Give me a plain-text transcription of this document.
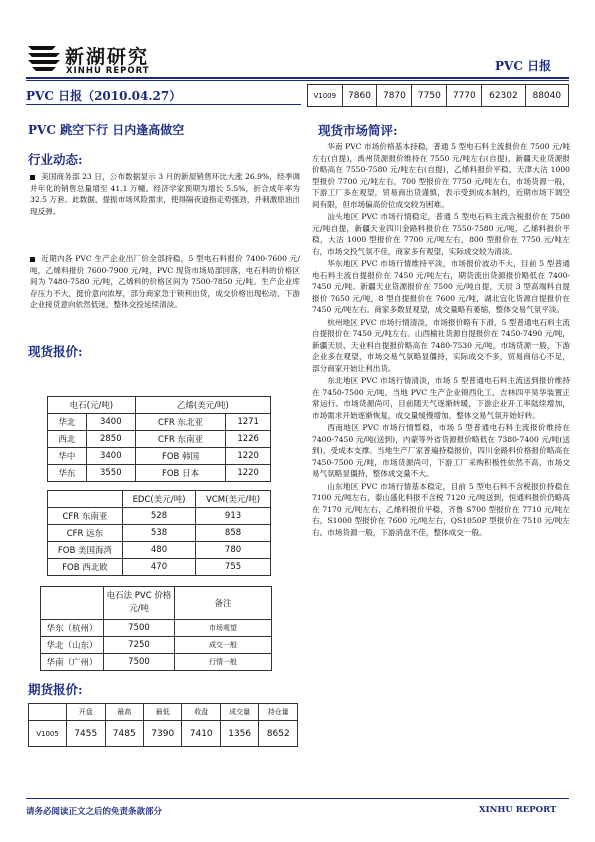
新湖研究
XINHU REPORT	PVC 日报
PVC 日报（2010.04.27）
PVC 跳空下行 日内逢高做空
行业动态:
美国商务部 23 日，公布数据显示 3 月的新屋销售环比大涨 26.9%，经季调并年化的销售总量增至 41.1 万幢。经济学家预期为增长 5.5%，折合成年率为 32.5 万套。此数据，提振市场风险需求，使得隔夜道指走势强劲，并刺激原油出现反弹。
近期内各 PVC 生产企业出厂价全部持稳，5 型电石料报价 7400-7600 元/吨，乙烯料报价 7600-7900 元/吨，PVC 现货市场局部回落，电石料的价格区间为 7480-7580 元/吨，乙烯料的价格区间为 7500-7850 元/吨。生产企业库存压力不大，挺价意向浓厚，部分商家急于锁利出货，成交价格出现松动，下游企业接货意向依然低迷，整体交投延续清淡。
现货报价:
电石(元/吨)		乙烯(美元/吨)	
华北	3400	CFR 东北亚	1271
西北	2850	CFR 东南亚	1226
华中	3400	FOB 韩国	1220
华东	3550	FOB 日本	1220
	EDC(美元/吨)	VCM(美元/吨)
CFR 东南亚	528	913
CFR 远东	538	858
FOB 美国海湾	480	780
FOB 西北欧	470	755
	电石法 PVC 价格元/吨	备注
华东（杭州）	7500	市场观望
华北（山东）	7250	成交一般
华南（广州）	7500	行情一般
期货报价:
	开盘	最高	最低	收盘	成交量	持仓量
V1005	7455	7485	7390	7410	1356	8652
V1009	7860	7870	7750	7770	62302	88040
现货市场简评:
华南 PVC 市场价格基本持稳，普通 5 型电石料主流报价在 7500 元/吨左右(自提)，禹州货源报价维持在 7550 元/吨左右(自提)，新疆天业货源报价略高在 7550-7580 元/吨左右(自提)，乙烯料报价平稳，天津大沽 1000 型报价 7700 元/吨左右，700 型报价在 7750 元/吨左右，市场货源一般，下游工厂多在观望，贸易商出货谨慎，表示受到成本制约，近期市场下调空间有限，但市场偏高价位成交较为困难。
汕头地区 PVC 市场行情稳定，普通 5 型电石料主流含税报价在 7500 元/吨自提，新疆天业四川金路料报价在 7550-7580 元/吨，乙烯料报价平稳，大沽 1000 型报价在 7700 元/吨左右，800 型报价在 7750 元/吨左右，市场交投气氛不佳，商家多有观望，实际成交较为清淡。
华东地区 PVC 市场行情维持平淡，市场报价波动不大，目前 5 型普通电石料主流自提报价在 7450 元/吨左右，期货流出货源报价略低在 7400-7450 元/吨。新疆天业货源报价在 7500 元/吨自提，天辰 3 型高端料自提报价 7650 元/吨，8 型自提报价在 7600 元/吨，湖北宜化货源自提报价在 7450 元/吨左右。商家多数显观望，成交量略有萎缩，整体交易气氛平淡。
杭州地区 PVC 市场行情清淡，市场报价略有下滑，5 型普通电石料主流自提报价在 7450 元/吨左右。山西榆社货源自提报价在 7450-7490 元/吨，新疆天辰、天业料自提报价略高在 7480-7530 元/吨，市场货源一般，下游企业多在观望，市场交易气氛略显僵持，实际成交不多，贸易商信心不足，部分商家开始让利出货。
东北地区 PVC 市场行情清淡，市场 5 型普通电石料主流送到报价维持在 7450-7500 元/吨，当地 PVC 生产企业锦西化工、吉林四平昊华装置正常运行。市场货源尚可，目前随天气逐渐转暖，下游企业开工率陆续增加，市场需求开始逐渐恢复，成交量缓慢增加，整体交易气氛开始好转。
西南地区 PVC 市场行情暂稳，市场 5 型普通电石料主流报价维持在 7400-7450 元/吨(送到)，内蒙等外省货源报价略低在 7380-7400 元/吨(送到)，受成本支撑。当地生产厂家普遍持稳报价，四川金路料价格报价略高在 7450-7500 元/吨，市场货源尚可，下游工厂采购积极性依然不高，市场交易气氛略显僵持，整体成交量不大。
山东地区 PVC 市场行情基本稳定，目前 5 型电石料不含税报价持稳在 7100 元/吨左右，泰山盛化料报不含税 7120 元/吨送到，恒通料报价仍略高在 7170 元/吨左右，乙烯料报价平稳，齐鲁 S700 型报价在 7710 元/吨左右，S1000 型报价在 7600 元/吨左右，QS1050P 型报价在 7510 元/吨左右。市场货源一般，下游消盘不佳，整体成交一般。
请务必阅读正文之后的免责条款部分	XINHU REPORT
